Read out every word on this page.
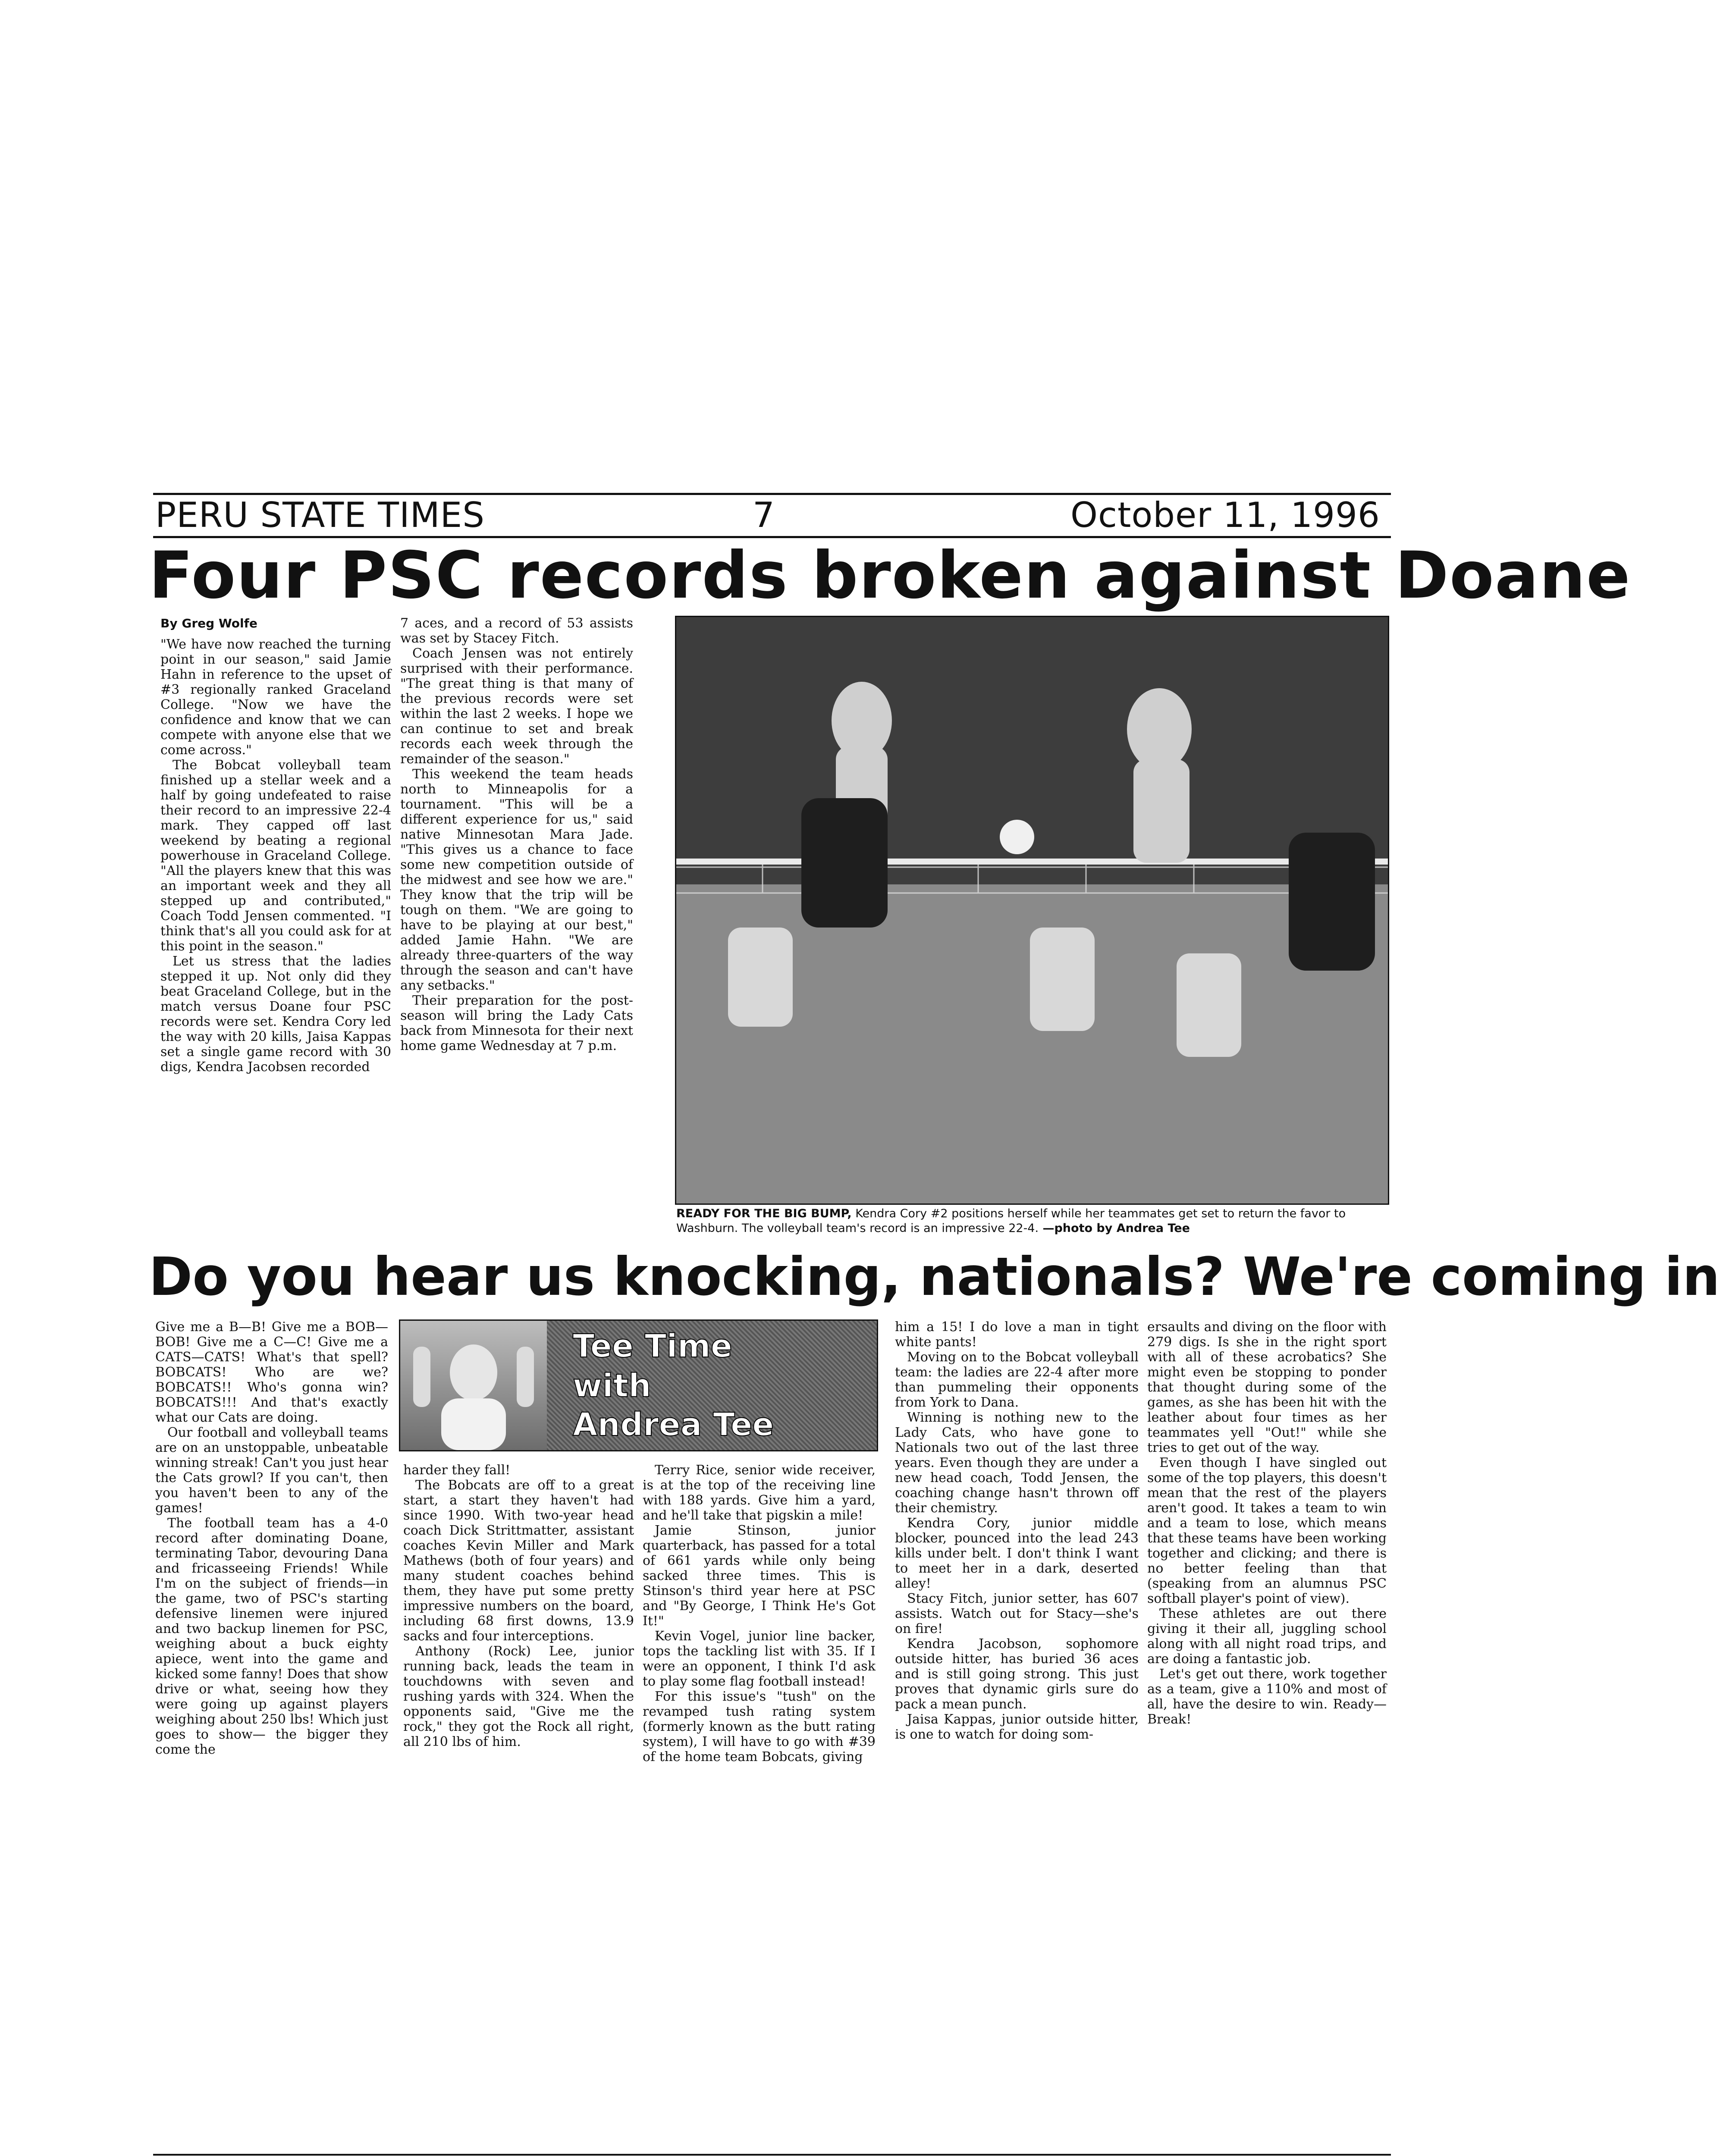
PERU STATE TIMES	7	October 11, 1996
Four PSC records broken against Doane
By Greg Wolfe

"We have now reached the turning point in our season," said Jamie Hahn in reference to the upset of #3 regionally ranked Graceland College. "Now we have the confidence and know that we can compete with anyone else that we come across."

The Bobcat volleyball team finished up a stellar week and a half by going undefeated to raise their record to an impressive 22-4 mark. They capped off last weekend by beating a regional powerhouse in Graceland College. "All the players knew that this was an important week and they all stepped up and contributed," Coach Todd Jensen commented. "I think that's all you could ask for at this point in the season."

Let us stress that the ladies stepped it up. Not only did they beat Graceland College, but in the match versus Doane four PSC records were set. Kendra Cory led the way with 20 kills, Jaisa Kappas set a single game record with 30 digs, Kendra Jacobsen recorded

7 aces, and a record of 53 assists was set by Stacey Fitch.

Coach Jensen was not entirely surprised with their performance. "The great thing is that many of the previous records were set within the last 2 weeks. I hope we can continue to set and break records each week through the remainder of the season."

This weekend the team heads north to Minneapolis for a tournament. "This will be a different experience for us," said native Minnesotan Mara Jade. "This gives us a chance to face some new competition outside of the midwest and see how we are." They know that the trip will be tough on them. "We are going to have to be playing at our best," added Jamie Hahn. "We are already three-quarters of the way through the season and can't have any setbacks."

Their preparation for the post-season will bring the Lady Cats back from Minnesota for their next home game Wednesday at 7 p.m.

READY FOR THE BIG BUMP, Kendra Cory #2 positions herself while her teammates get set to return the favor to Washburn. The volleyball team's record is an impressive 22-4. —photo by Andrea Tee
Do you hear us knocking, nationals? We're coming in

Give me a B—B! Give me a BOB—BOB! Give me a C—C! Give me a CATS—CATS! What's that spell? BOBCATS! Who are we? BOBCATS!! Who's gonna win? BOBCATS!!! And that's exactly what our Cats are doing.

Our football and volleyball teams are on an unstoppable, unbeatable winning streak! Can't you just hear the Cats growl? If you can't, then you haven't been to any of the games!

The football team has a 4-0 record after dominating Doane, terminating Tabor, devouring Dana and fricasseeing Friends! While I'm on the subject of friends—in the game, two of PSC's starting defensive linemen were injured and two backup linemen for PSC, weighing about a buck eighty apiece, went into the game and kicked some fanny! Does that show drive or what, seeing how they were going up against players weighing about 250 lbs! Which just goes to show— the bigger they come the

Tee Time
with
Andrea Tee

harder they fall!

The Bobcats are off to a great start, a start they haven't had since 1990. With two-year head coach Dick Strittmatter, assistant coaches Kevin Miller and Mark Mathews (both of four years) and many student coaches behind them, they have put some pretty impressive numbers on the board, including 68 first downs, 13.9 sacks and four interceptions.

Anthony (Rock) Lee, junior running back, leads the team in touchdowns with seven and rushing yards with 324. When the opponents said, "Give me the rock," they got the Rock all right, all 210 lbs of him.

Terry Rice, senior wide receiver, is at the top of the receiving line with 188 yards. Give him a yard, and he'll take that pigskin a mile!

Jamie Stinson, junior quarterback, has passed for a total of 661 yards while only being sacked three times. This is Stinson's third year here at PSC and "By George, I Think He's Got It!"

Kevin Vogel, junior line backer, tops the tackling list with 35. If I were an opponent, I think I'd ask to play some flag football instead!

For this issue's "tush" on the revamped tush rating system (formerly known as the butt rating system), I will have to go with #39 of the home team Bobcats, giving

him a 15! I do love a man in tight white pants!

Moving on to the Bobcat volleyball team: the ladies are 22-4 after more than pummeling their opponents from York to Dana.

Winning is nothing new to the Lady Cats, who have gone to Nationals two out of the last three years. Even though they are under a new head coach, Todd Jensen, the coaching change hasn't thrown off their chemistry.

Kendra Cory, junior middle blocker, pounced into the lead 243 kills under belt. I don't think I want to meet her in a dark, deserted alley!

Stacy Fitch, junior setter, has 607 assists. Watch out for Stacy—she's on fire!

Kendra Jacobson, sophomore outside hitter, has buried 36 aces and is still going strong. This just proves that dynamic girls sure do pack a mean punch.

Jaisa Kappas, junior outside hitter, is one to watch for doing som-

ersaults and diving on the floor with 279 digs. Is she in the right sport with all of these acrobatics? She might even be stopping to ponder that thought during some of the games, as she has been hit with the leather about four times as her teammates yell "Out!" while she tries to get out of the way.

Even though I have singled out some of the top players, this doesn't mean that the rest of the players aren't good. It takes a team to win and a team to lose, which means that these teams have been working together and clicking; and there is no better feeling than that (speaking from an alumnus PSC softball player's point of view).

These athletes are out there giving it their all, juggling school along with all night road trips, and are doing a fantastic job.

Let's get out there, work together as a team, give a 110% and most of all, have the desire to win. Ready—Break!
